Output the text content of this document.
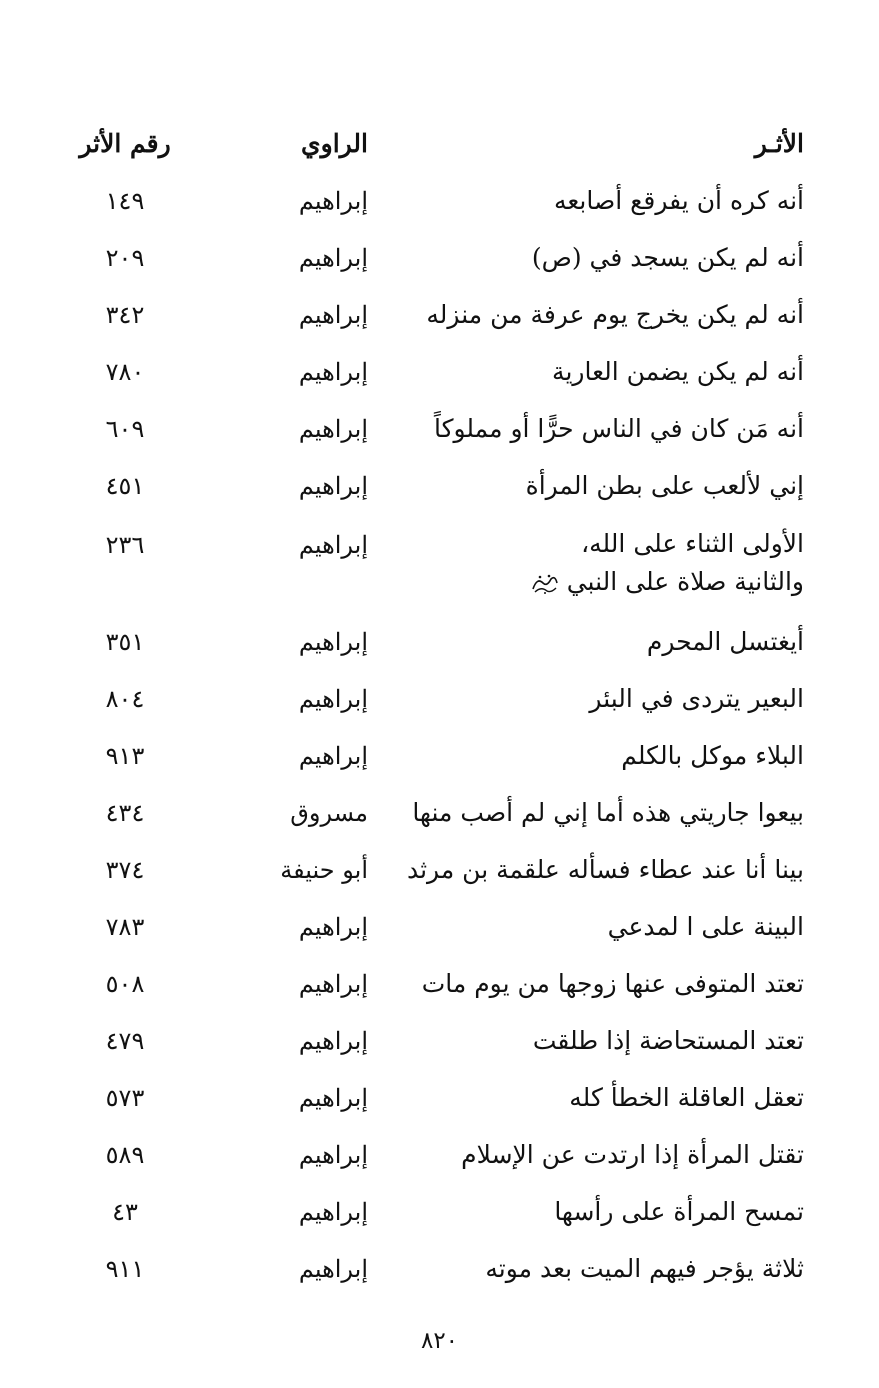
الأثـر
الراوي
رقم الأثر
أنه كره أن يفرقع أصابعه
إبراهيم
١٤٩
أنه لم يكن يسجد في (ص)
إبراهيم
٢٠٩
أنه لم يكن يخرج يوم عرفة من منزله
إبراهيم
٣٤٢
أنه لم يكن يضمن العارية
إبراهيم
٧٨٠
أنه مَن كان في الناس حرًّا أو مملوكاً
إبراهيم
٦٠٩
إني لألعب على بطن المرأة
إبراهيم
٤٥١
الأولى الثناء على الله،
والثانية صلاة على النبي
إبراهيم
٢٣٦
أيغتسل المحرم
إبراهيم
٣٥١
البعير يتردى في البئر
إبراهيم
٨٠٤
البلاء موكل بالكلم
إبراهيم
٩١٣
بيعوا جاريتي هذه أما إني لم أصب منها
مسروق
٤٣٤
بينا أنا عند عطاء فسأله علقمة بن مرثد
أبو حنيفة
٣٧٤
البينة على ا لمدعي
إبراهيم
٧٨٣
تعتد المتوفى عنها زوجها من يوم مات
إبراهيم
٥٠٨
تعتد المستحاضة إذا طلقت
إبراهيم
٤٧٩
تعقل العاقلة الخطأ كله
إبراهيم
٥٧٣
تقتل المرأة إذا ارتدت عن الإسلام
إبراهيم
٥٨٩
تمسح المرأة على رأسها
إبراهيم
٤٣
ثلاثة يؤجر فيهم الميت بعد موته
إبراهيم
٩١١
٨٢٠
